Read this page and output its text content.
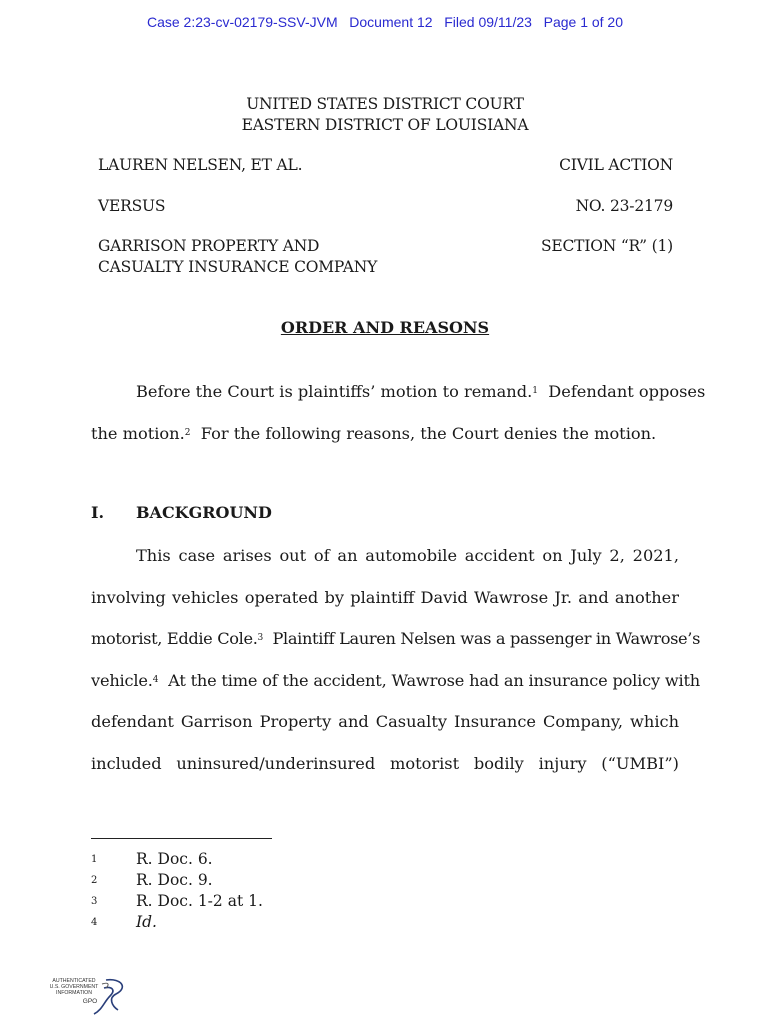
Case 2:23-cv-02179-SSV-JVM Document 12 Filed 09/11/23 Page 1 of 20
UNITED STATES DISTRICT COURT
EASTERN DISTRICT OF LOUISIANA
LAUREN NELSEN, ET AL.	CIVIL ACTION
VERSUS	NO. 23-2179
GARRISON PROPERTY AND
CASUALTY INSURANCE COMPANY
SECTION “R” (1)
ORDER AND REASONS
Before the Court is plaintiffs’ motion to remand.$^1$  Defendant opposes
the motion.$^2$  For the following reasons, the Court denies the motion.
I. BACKGROUND
This case arises out of an automobile accident on July 2, 2021,
involving vehicles operated by plaintiff David Wawrose Jr. and another
motorist, Eddie Cole.$^3$  Plaintiff Lauren Nelsen was a passenger in Wawrose’s
vehicle.$^4$  At the time of the accident, Wawrose had an insurance policy with
defendant Garrison Property and Casualty Insurance Company, which
included uninsured/underinsured motorist bodily injury (“UMBI”)
1 R. Doc. 6.
2 R. Doc. 9.
3 R. Doc. 1-2 at 1.
4 Id.
AUTHENTICATED
U.S. GOVERNMENT
INFORMATION
GPO
